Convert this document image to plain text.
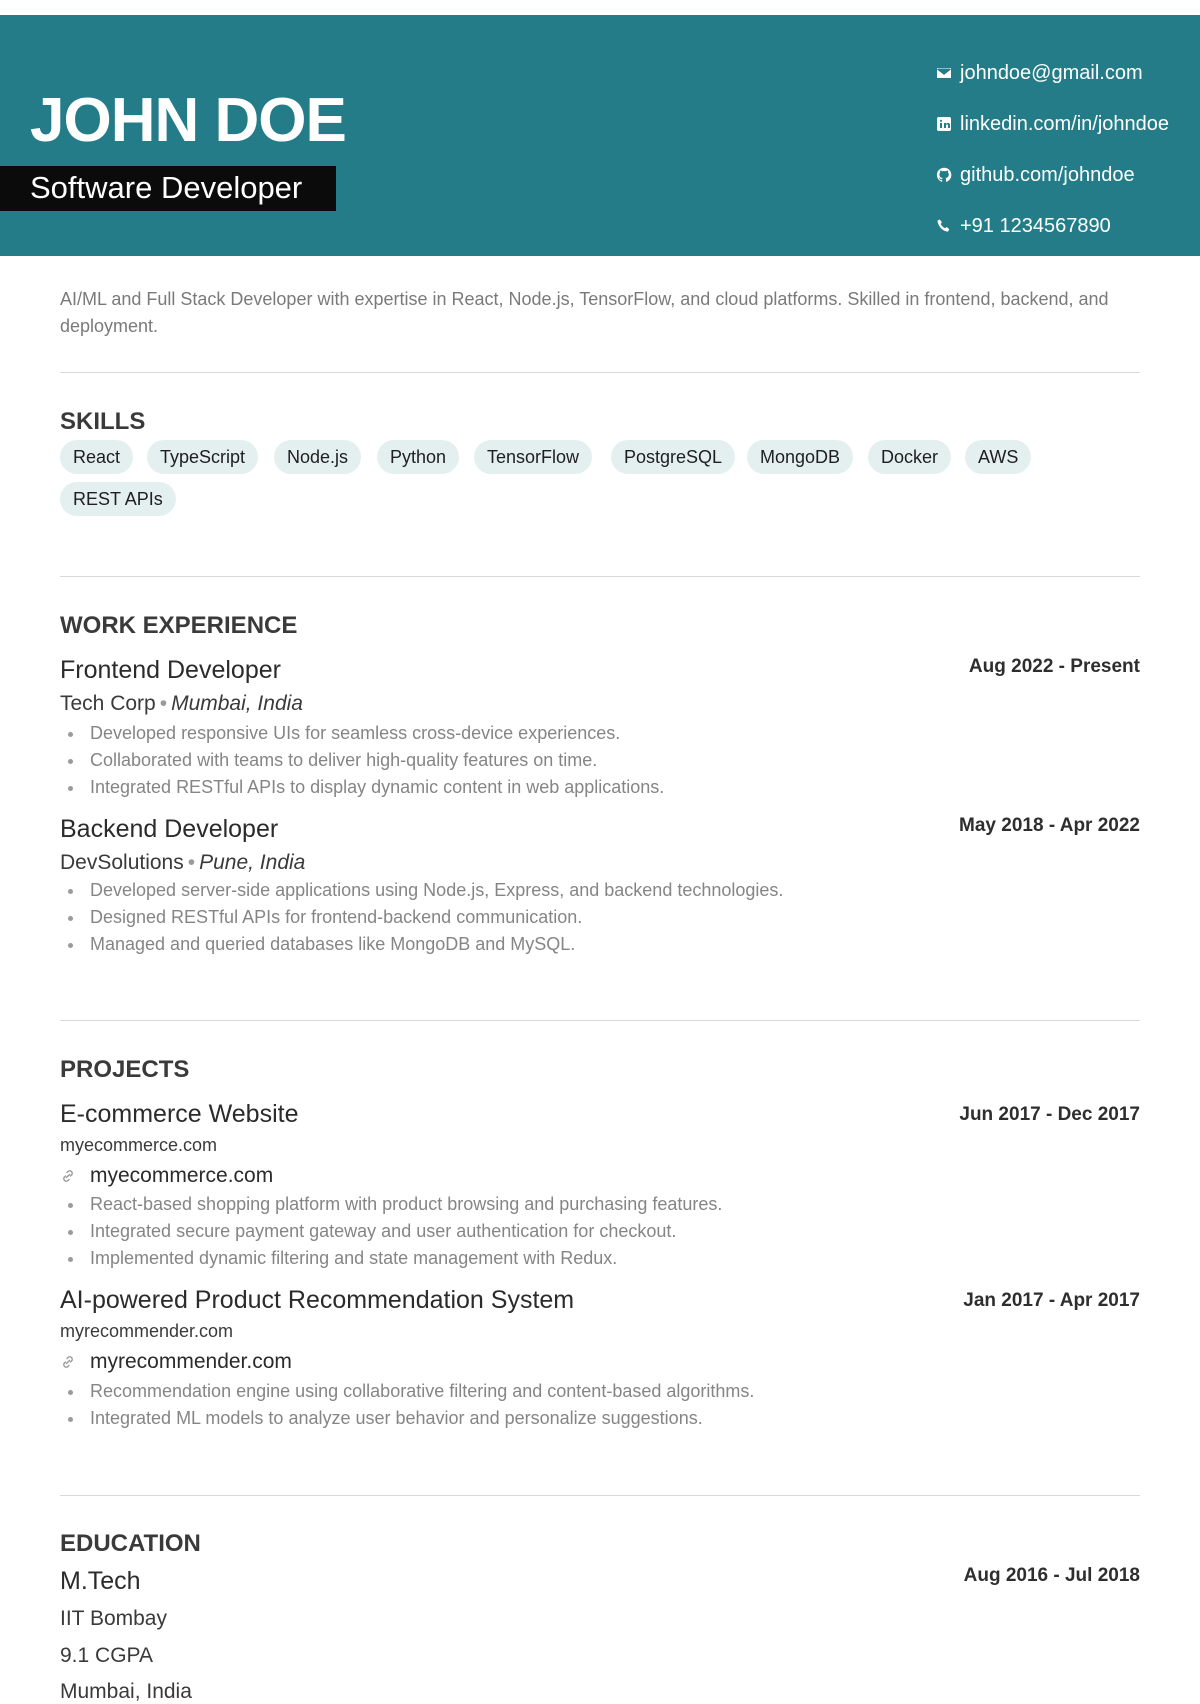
JOHN DOE
Software Developer
johndoe@gmail.com
linkedin.com/in/johndoe
github.com/johndoe
+91 1234567890
AI/ML and Full Stack Developer with expertise in React, Node.js, TensorFlow, and cloud platforms. Skilled in frontend, backend, and deployment.
SKILLS
React	TypeScript	Node.js	Python	TensorFlow	PostgreSQL	MongoDB	Docker	AWS
REST APIs
WORK EXPERIENCE
Frontend Developer	Aug 2022 - Present
Tech Corp • Mumbai, India
Developed responsive UIs for seamless cross-device experiences.
Collaborated with teams to deliver high-quality features on time.
Integrated RESTful APIs to display dynamic content in web applications.
Backend Developer	May 2018 - Apr 2022
DevSolutions • Pune, India
Developed server-side applications using Node.js, Express, and backend technologies.
Designed RESTful APIs for frontend-backend communication.
Managed and queried databases like MongoDB and MySQL.
PROJECTS
E-commerce Website	Jun 2017 - Dec 2017
myecommerce.com
myecommerce.com
React-based shopping platform with product browsing and purchasing features.
Integrated secure payment gateway and user authentication for checkout.
Implemented dynamic filtering and state management with Redux.
AI-powered Product Recommendation System	Jan 2017 - Apr 2017
myrecommender.com
myrecommender.com
Recommendation engine using collaborative filtering and content-based algorithms.
Integrated ML models to analyze user behavior and personalize suggestions.
EDUCATION
M.Tech	Aug 2016 - Jul 2018
IIT Bombay
9.1 CGPA
Mumbai, India
